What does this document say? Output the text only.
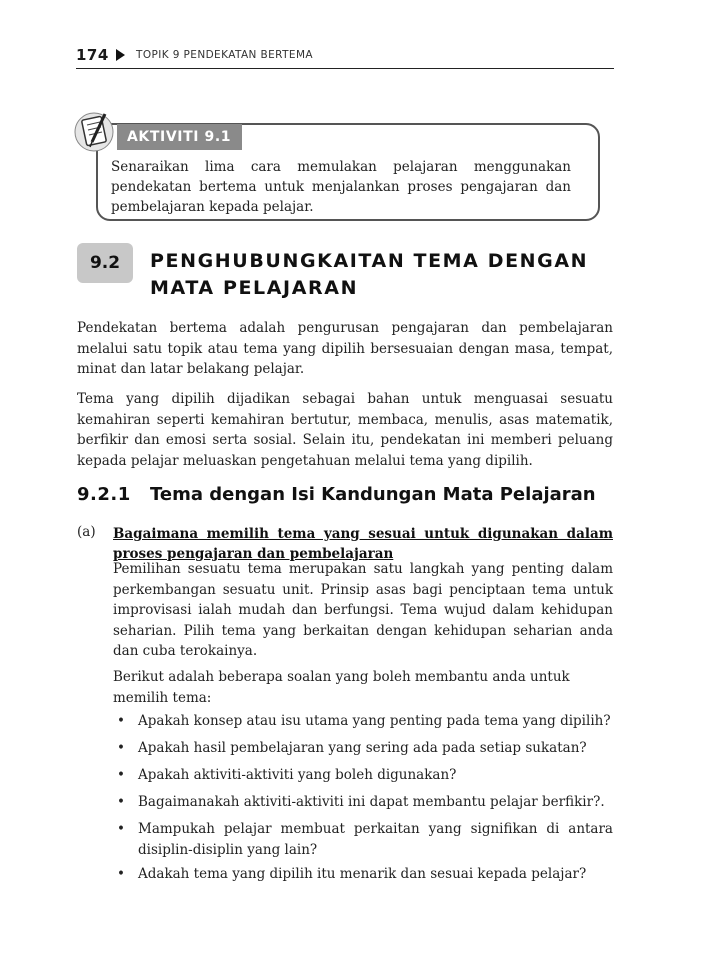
174	TOPIK 9 PENDEKATAN BERTEMA
AKTIVITI 9.1
Senaraikan lima cara memulakan pelajaran menggunakan pendekatan bertema untuk menjalankan proses pengajaran dan pembelajaran kepada pelajar.
9.2	PENGHUBUNGKAITAN TEMA DENGAN
MATA PELAJARAN

Pendekatan bertema adalah pengurusan pengajaran dan pembelajaran melalui satu topik atau tema yang dipilih bersesuaian dengan masa, tempat, minat dan latar belakang pelajar.

Tema yang dipilih dijadikan sebagai bahan untuk menguasai sesuatu kemahiran seperti kemahiran bertutur, membaca, menulis, asas matematik, berfikir dan emosi serta sosial. Selain itu, pendekatan ini memberi peluang kepada pelajar meluaskan pengetahuan melalui tema yang dipilih.

9.2.1 Tema dengan Isi Kandungan Mata Pelajaran
(a) Bagaimana memilih tema yang sesuai untuk digunakan dalam proses pengajaran dan pembelajaran
Pemilihan sesuatu tema merupakan satu langkah yang penting dalam perkembangan sesuatu unit. Prinsip asas bagi penciptaan tema untuk improvisasi ialah mudah dan berfungsi. Tema wujud dalam kehidupan seharian. Pilih tema yang berkaitan dengan kehidupan seharian anda dan cuba terokainya.
Berikut adalah beberapa soalan yang boleh membantu anda untuk memilih tema:
• Apakah konsep atau isu utama yang penting pada tema yang dipilih?
• Apakah hasil pembelajaran yang sering ada pada setiap sukatan?
• Apakah aktiviti-aktiviti yang boleh digunakan?
• Bagaimanakah aktiviti-aktiviti ini dapat membantu pelajar berfikir?.
• Mampukah pelajar membuat perkaitan yang signifikan di antara disiplin-disiplin yang lain?
• Adakah tema yang dipilih itu menarik dan sesuai kepada pelajar?
